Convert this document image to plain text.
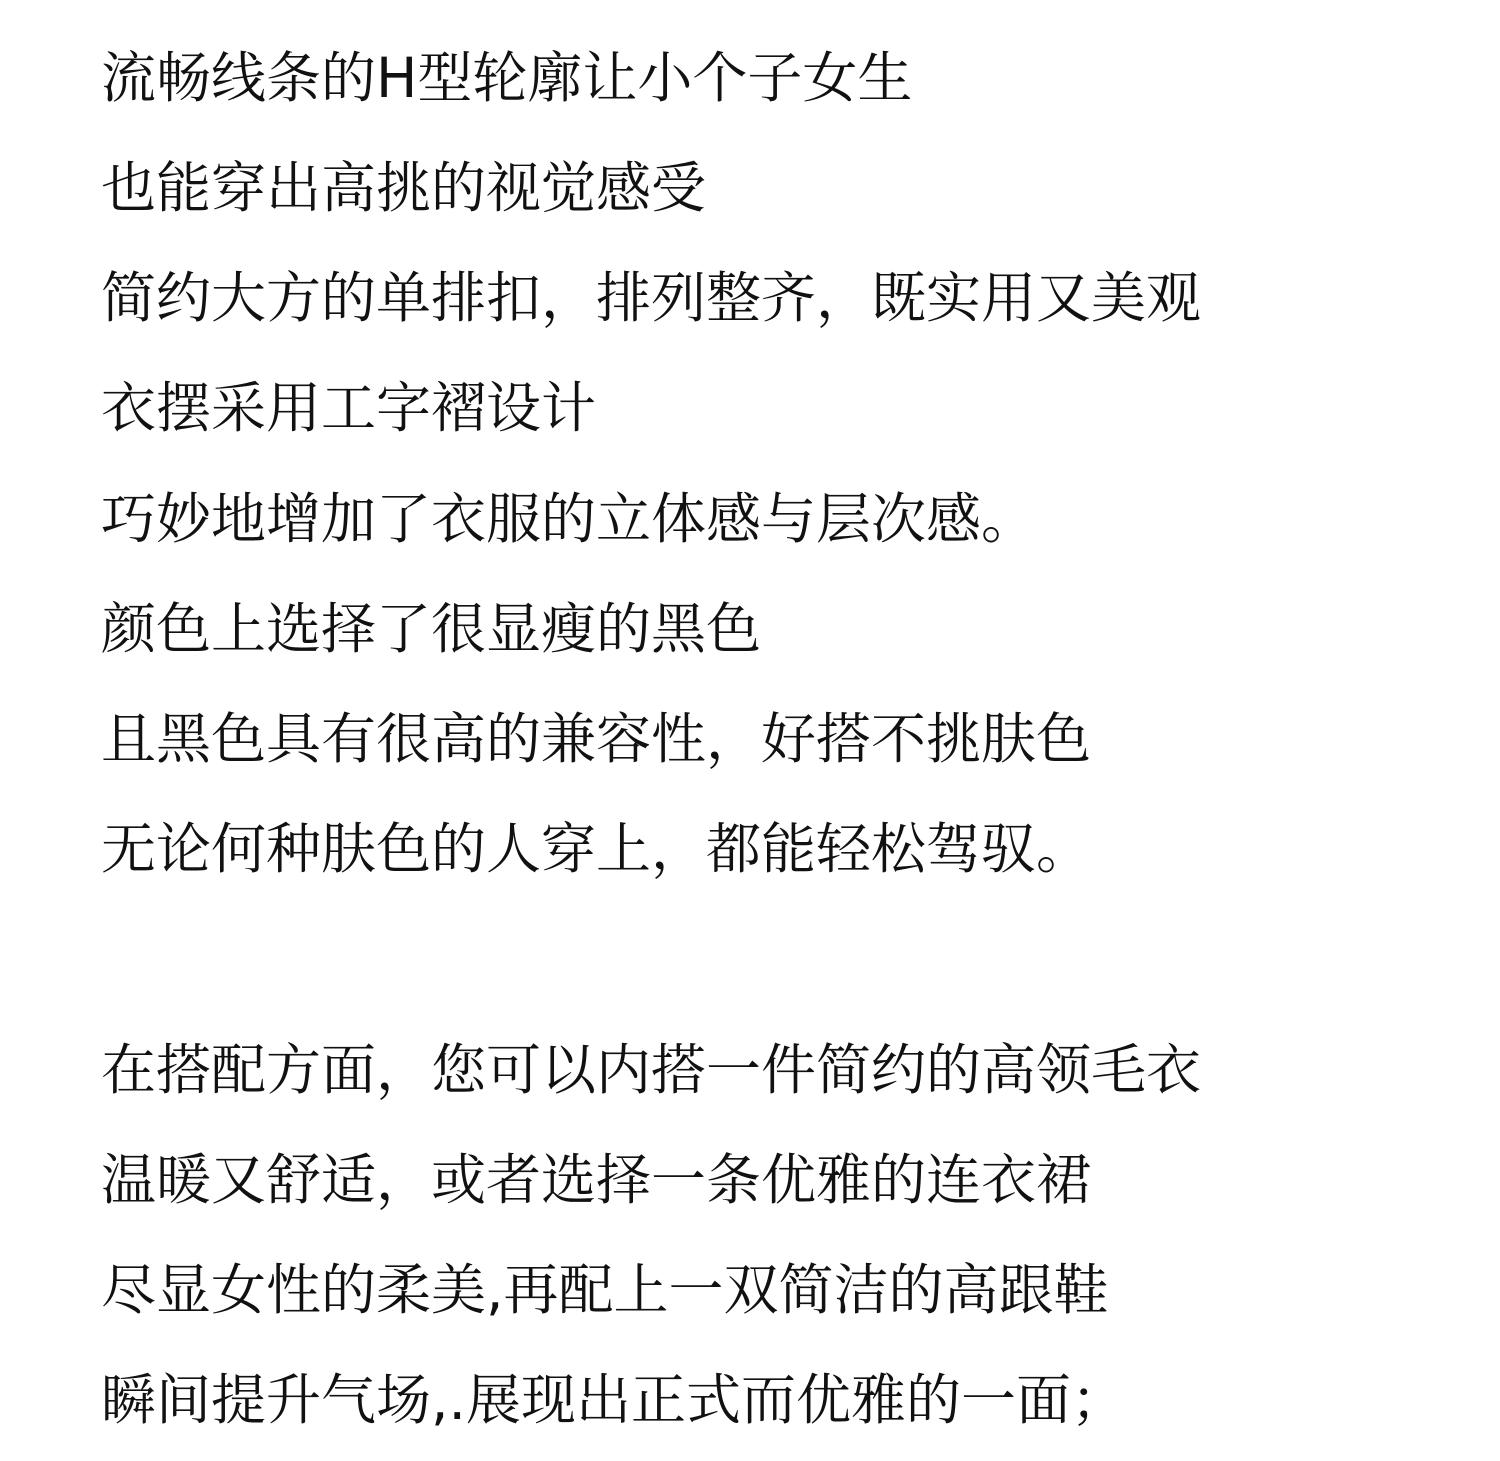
流畅线条的H型轮廓让小个子女生
也能穿出高挑的视觉感受
简约大方的单排扣，排列整齐，既实用又美观
衣摆采用工字褶设计
巧妙地增加了衣服的立体感与层次感。
颜色上选择了很显瘦的黑色
且黑色具有很高的兼容性，好搭不挑肤色
无论何种肤色的人穿上，都能轻松驾驭。
在搭配方面，您可以内搭一件简约的高领毛衣
温暖又舒适，或者选择一条优雅的连衣裙
尽显女性的柔美,再配上一双简洁的高跟鞋
瞬间提升气场,.展现出正式而优雅的一面；
